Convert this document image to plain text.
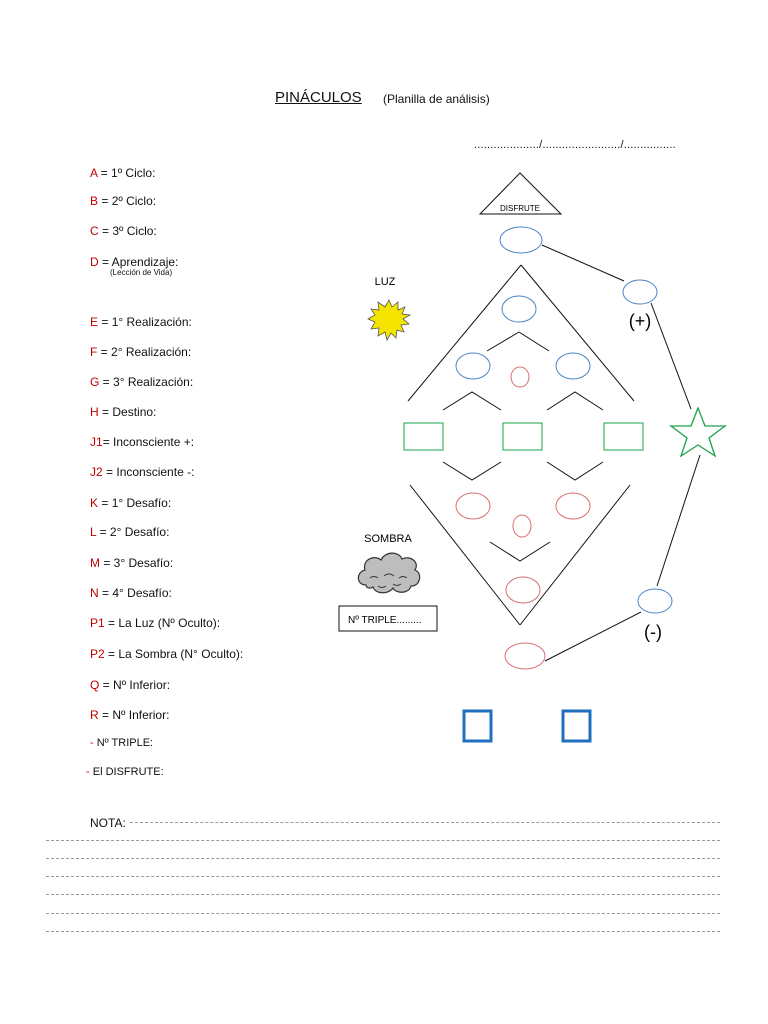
PINÁCULOS (Planilla de análisis)
..................../......................../................
A = 1º Ciclo:
B = 2º Ciclo:
C = 3º Ciclo:
D = Aprendizaje:
E = 1° Realización:
F = 2° Realización:
G = 3° Realización:
H = Destino:
J1= Inconsciente +:
J2 = Inconsciente -:
K = 1° Desafío:
L = 2° Desafío:
M = 3° Desafío:
N = 4° Desafío:
P1 = La Luz (Nº Oculto):
P2 = La Sombra (N° Oculto):
Q = Nº Inferior:
R = Nº Inferior:
- Nº TRIPLE:
- El DISFRUTE:
(Lección de Vida)
NOTA:
DISFRUTE
(+)
(-)
LUZ
SOMBRA
Nº TRIPLE.........
